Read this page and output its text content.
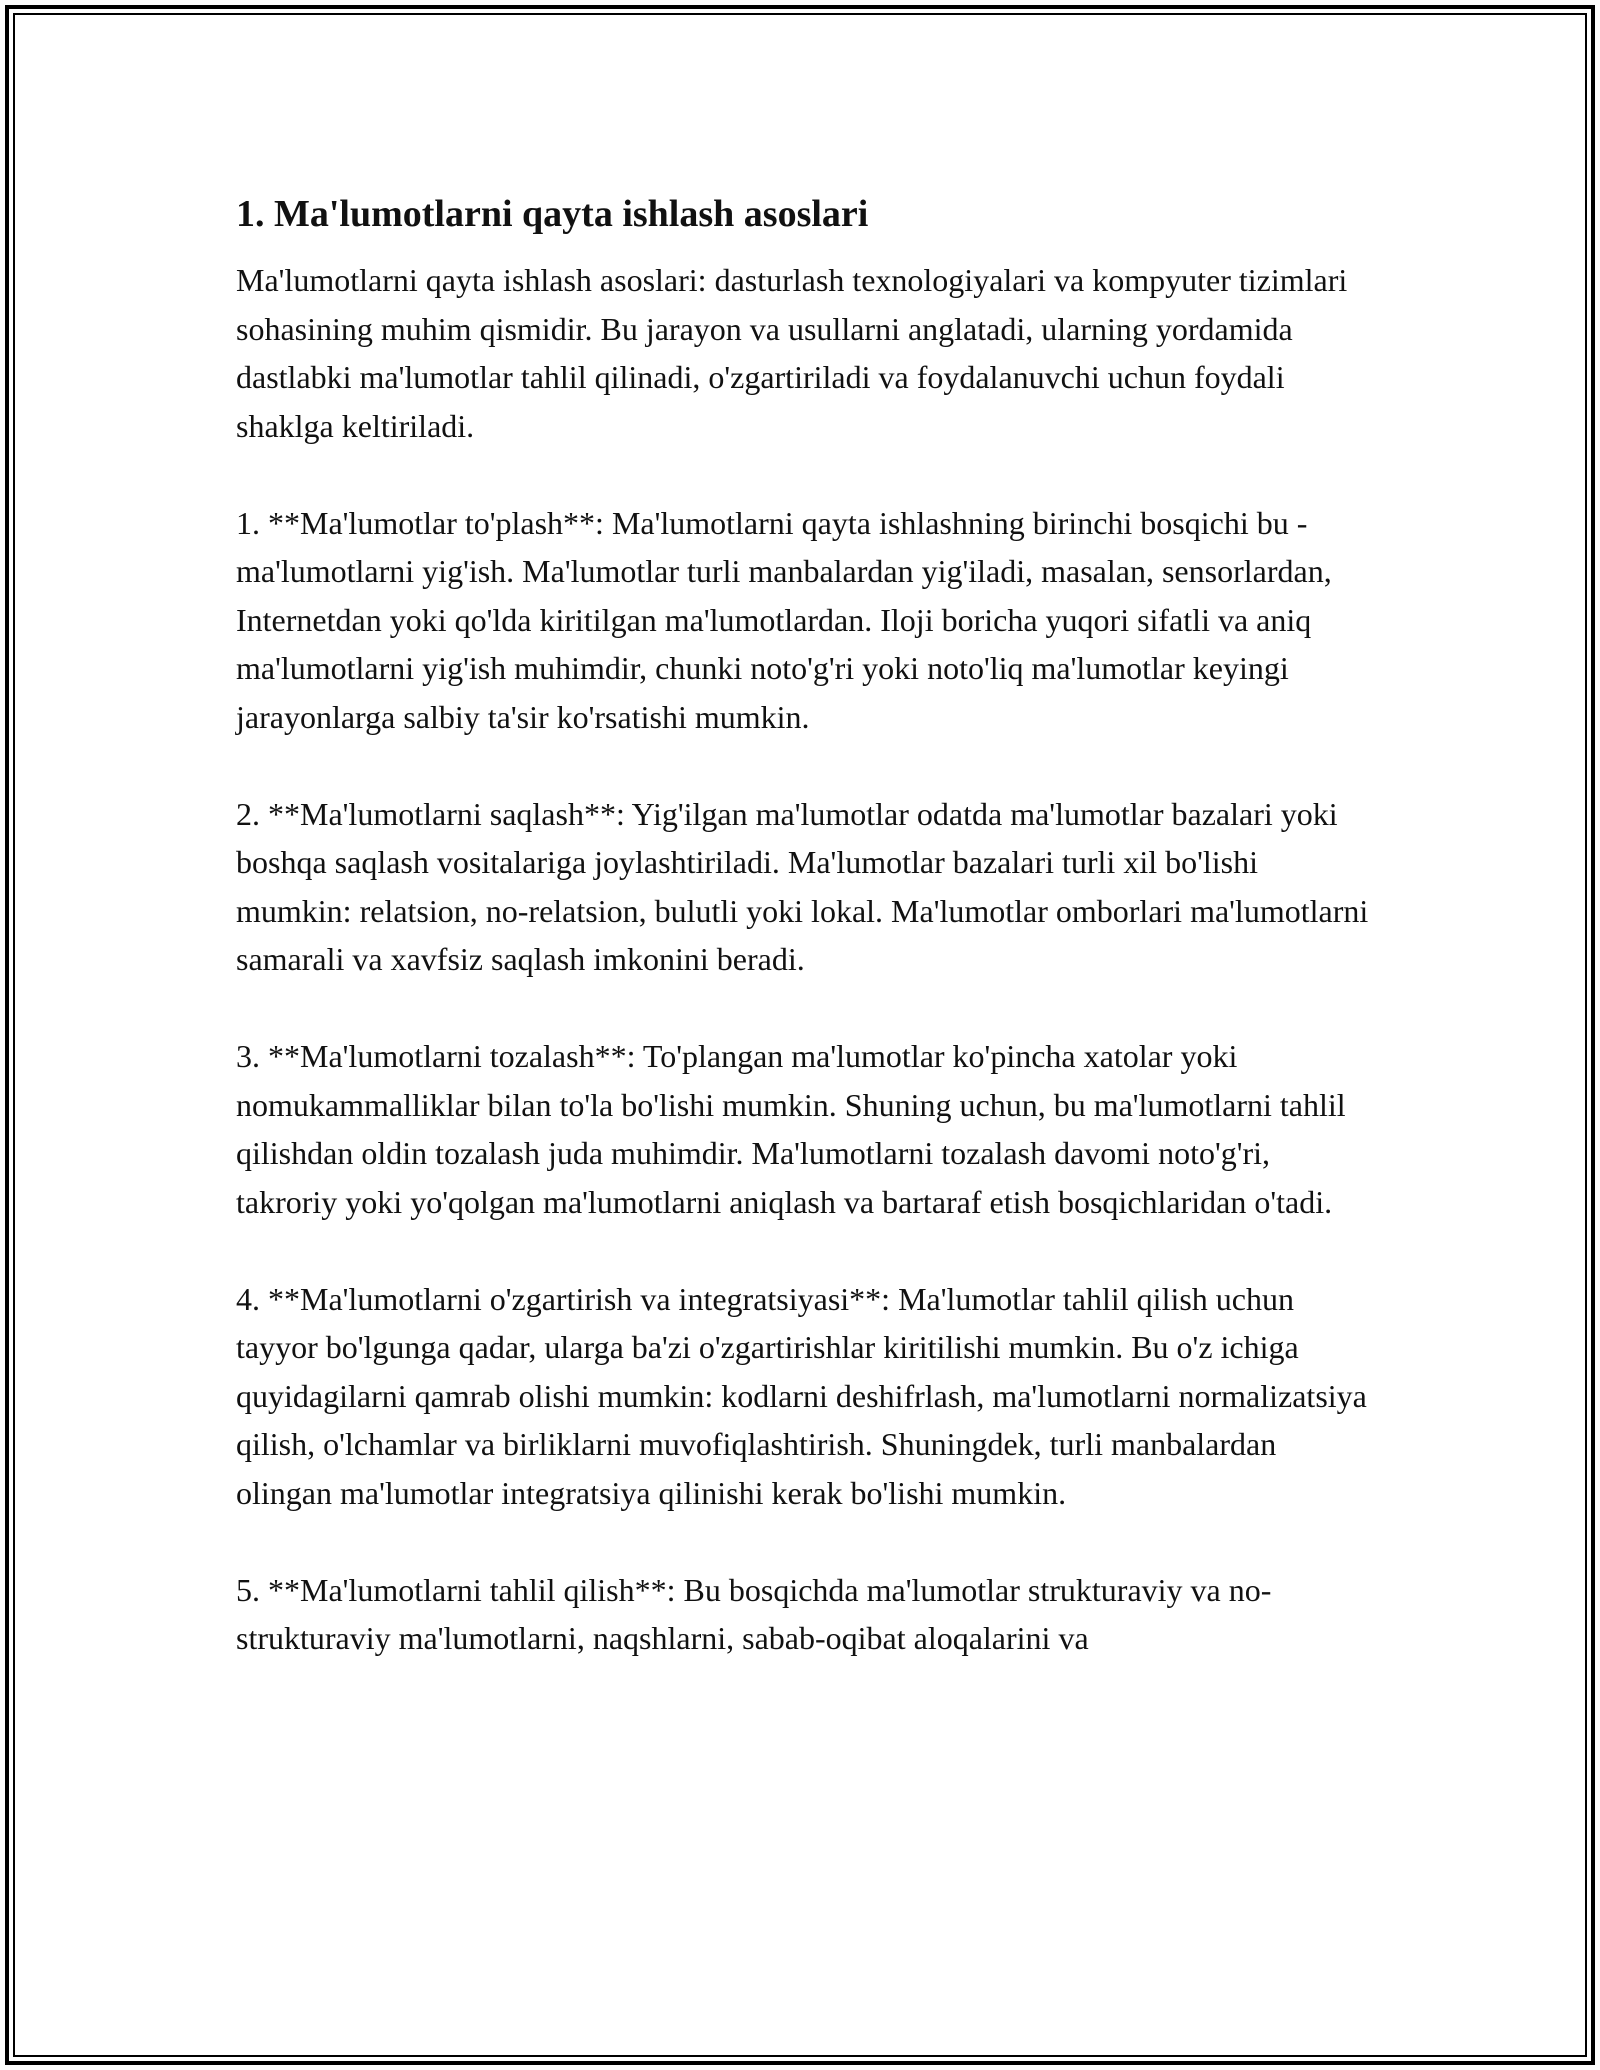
1. Ma'lumotlarni qayta ishlash asoslari

Ma'lumotlarni qayta ishlash asoslari: dasturlash texnologiyalari va kompyuter tizimlari sohasining muhim qismidir. Bu jarayon va usullarni anglatadi, ularning yordamida dastlabki ma'lumotlar tahlil qilinadi, o'zgartiriladi va foydalanuvchi uchun foydali shaklga keltiriladi.

1. **Ma'lumotlar to'plash**: Ma'lumotlarni qayta ishlashning birinchi bosqichi bu - ma'lumotlarni yig'ish. Ma'lumotlar turli manbalardan yig'iladi, masalan, sensorlardan, Internetdan yoki qo'lda kiritilgan ma'lumotlardan. Iloji boricha yuqori sifatli va aniq ma'lumotlarni yig'ish muhimdir, chunki noto'g'ri yoki noto'liq ma'lumotlar keyingi jarayonlarga salbiy ta'sir ko'rsatishi mumkin.

2. **Ma'lumotlarni saqlash**: Yig'ilgan ma'lumotlar odatda ma'lumotlar bazalari yoki boshqa saqlash vositalariga joylashtiriladi. Ma'lumotlar bazalari turli xil bo'lishi mumkin: relatsion, no-relatsion, bulutli yoki lokal. Ma'lumotlar omborlari ma'lumotlarni samarali va xavfsiz saqlash imkonini beradi.

3. **Ma'lumotlarni tozalash**: To'plangan ma'lumotlar ko'pincha xatolar yoki nomukammalliklar bilan to'la bo'lishi mumkin. Shuning uchun, bu ma'lumotlarni tahlil qilishdan oldin tozalash juda muhimdir. Ma'lumotlarni tozalash davomi noto'g'ri, takroriy yoki yo'qolgan ma'lumotlarni aniqlash va bartaraf etish bosqichlaridan o'tadi.

4. **Ma'lumotlarni o'zgartirish va integratsiyasi**: Ma'lumotlar tahlil qilish uchun tayyor bo'lgunga qadar, ularga ba'zi o'zgartirishlar kiritilishi mumkin. Bu o'z ichiga quyidagilarni qamrab olishi mumkin: kodlarni deshifrlash, ma'lumotlarni normalizatsiya qilish, o'lchamlar va birliklarni muvofiqlashtirish. Shuningdek, turli manbalardan olingan ma'lumotlar integratsiya qilinishi kerak bo'lishi mumkin.

5. **Ma'lumotlarni tahlil qilish**: Bu bosqichda ma'lumotlar strukturaviy va no-strukturaviy ma'lumotlarni, naqshlarni, sabab-oqibat aloqalarini va
